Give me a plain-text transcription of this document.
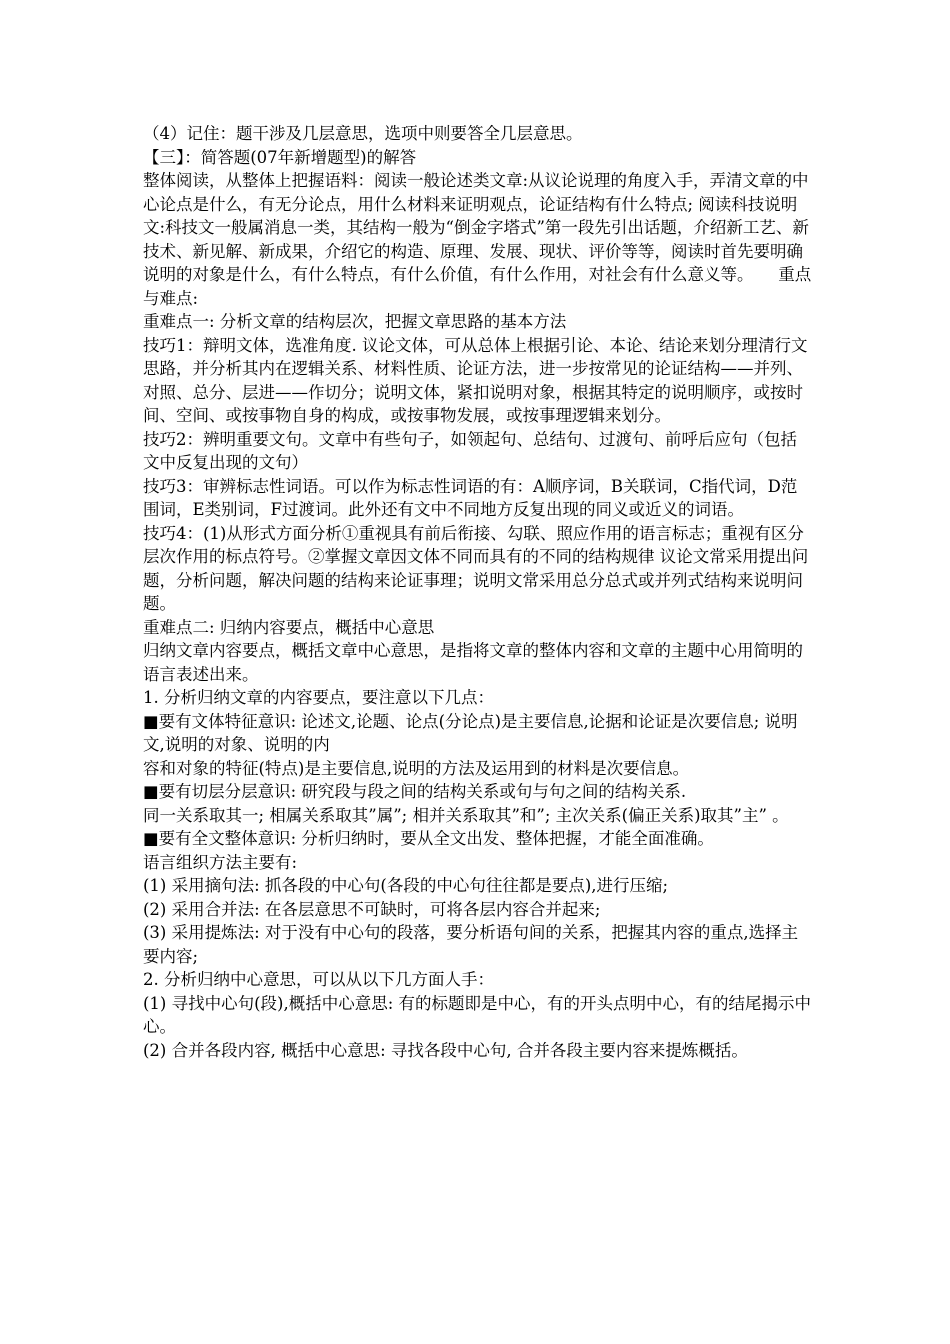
（4）记住：题干涉及几层意思，选项中则要答全几层意思。

【三】：简答题(07年新增题型)的解答

整体阅读，从整体上把握语料：阅读一般论述类文章:从议论说理的角度入手，弄清文章的中心论点是什么，有无分论点，用什么材料来证明观点，论证结构有什么特点; 阅读科技说明文:科技文一般属消息一类，其结构一般为“倒金字塔式”第一段先引出话题，介绍新工艺、新技术、新见解、新成果，介绍它的构造、原理、发展、现状、评价等等，阅读时首先要明确说明的对象是什么，有什么特点，有什么价值，有什么作用，对社会有什么意义等。　　重点与难点:

重难点一: 分析文章的结构层次，把握文章思路的基本方法

技巧1：辩明文体，选准角度. 议论文体，可从总体上根据引论、本论、结论来划分理清行文思路，并分析其内在逻辑关系、材料性质、论证方法，进一步按常见的论证结构——并列、对照、总分、层进——作切分；说明文体，紧扣说明对象，根据其特定的说明顺序，或按时间、空间、或按事物自身的构成，或按事物发展，或按事理逻辑来划分。

技巧2：辨明重要文句。文章中有些句子，如领起句、总结句、过渡句、前呼后应句（包括文中反复出现的文句）

技巧3：审辨标志性词语。可以作为标志性词语的有：A顺序词，B关联词，C指代词，D范围词，E类别词，F过渡词。此外还有文中不同地方反复出现的同义或近义的词语。

技巧4：(1)从形式方面分析①重视具有前后衔接、勾联、照应作用的语言标志；重视有区分层次作用的标点符号。②掌握文章因文体不同而具有的不同的结构规律 议论文常采用提出问题，分析问题，解决问题的结构来论证事理；说明文常采用总分总式或并列式结构来说明问题。

重难点二: 归纳内容要点，概括中心意思

归纳文章内容要点，概括文章中心意思，是指将文章的整体内容和文章的主题中心用简明的语言表述出来。

1. 分析归纳文章的内容要点，要注意以下几点：

■要有文体特征意识: 论述文,论题、论点(分论点)是主要信息,论据和论证是次要信息; 说明文,说明的对象、说明的内

容和对象的特征(特点)是主要信息,说明的方法及运用到的材料是次要信息。

■要有切层分层意识: 研究段与段之间的结构关系或句与句之间的结构关系.

同一关系取其一; 相属关系取其”属”; 相并关系取其”和”; 主次关系(偏正关系)取其”主” 。

■要有全文整体意识: 分析归纳时，要从全文出发、整体把握，才能全面准确。

语言组织方法主要有:

(1) 采用摘句法: 抓各段的中心句(各段的中心句往往都是要点),进行压缩;

(2) 采用合并法: 在各层意思不可缺时，可将各层内容合并起来;

(3) 采用提炼法: 对于没有中心句的段落，要分析语句间的关系，把握其内容的重点,选择主要内容;

2. 分析归纳中心意思，可以从以下几方面人手：

(1) 寻找中心句(段),概括中心意思: 有的标题即是中心，有的开头点明中心，有的结尾揭示中心。

(2) 合并各段内容, 概括中心意思: 寻找各段中心句, 合并各段主要内容来提炼概括。
